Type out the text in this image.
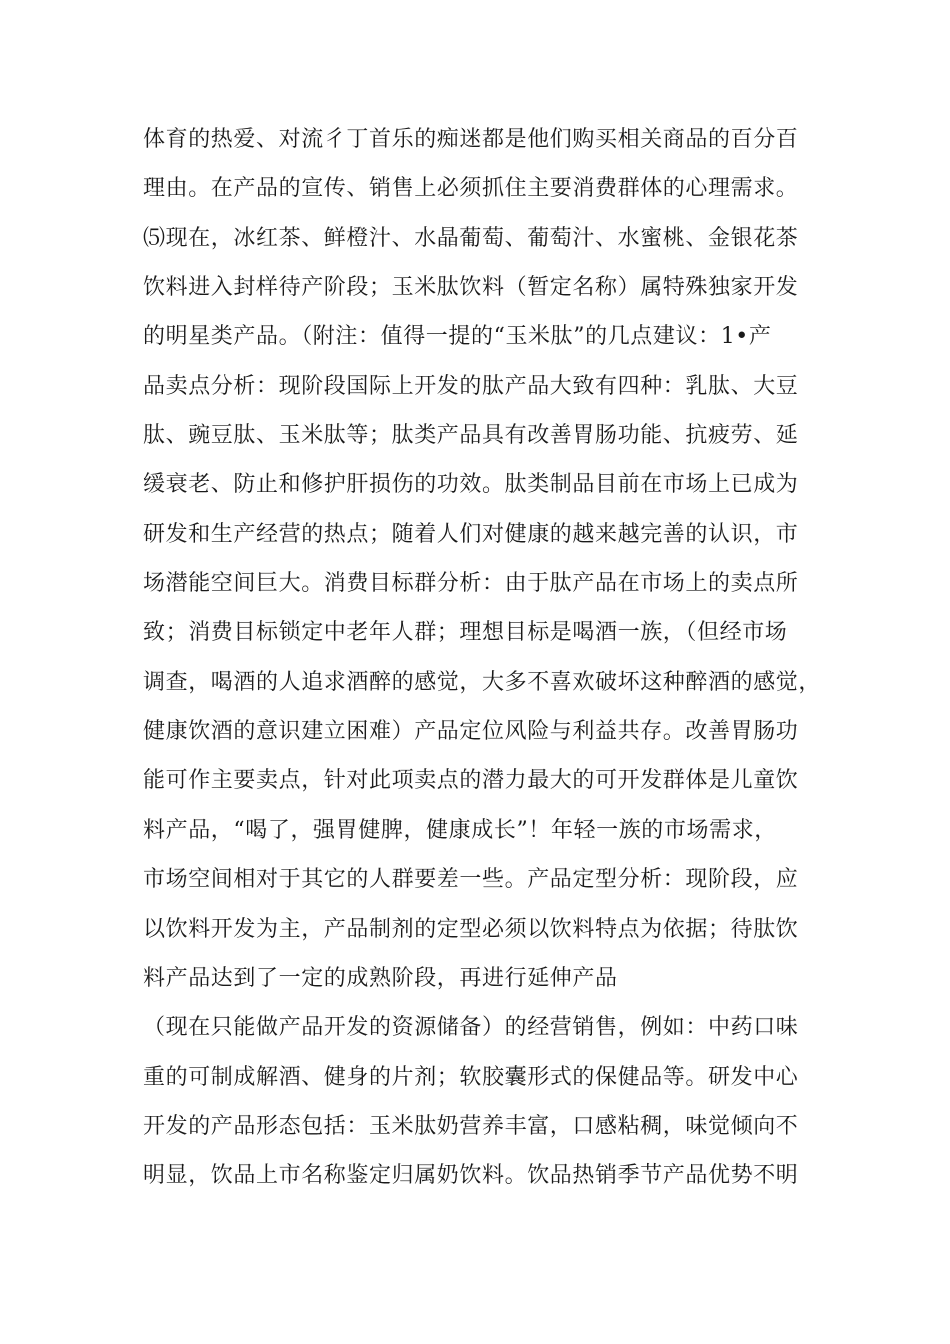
体育的热爱、对流彳丁首乐的痴迷都是他们购买相关商品的百分百
理由。在产品的宣传、销售上必须抓住主要消费群体的心理需求。
⑸现在，冰红茶、鲜橙汁、水晶葡萄、葡萄汁、水蜜桃、金银花茶
饮料进入封样待产阶段；玉米肽饮料（暂定名称）属特殊独家开发
的明星类产品。（附注：值得一提的“玉米肽”的几点建议：1•产
品卖点分析：现阶段国际上开发的肽产品大致有四种：乳肽、大豆
肽、豌豆肽、玉米肽等；肽类产品具有改善胃肠功能、抗疲劳、延
缓衰老、防止和修护肝损伤的功效。肽类制品目前在市场上已成为
研发和生产经营的热点；随着人们对健康的越来越完善的认识，市
场潜能空间巨大。消费目标群分析：由于肽产品在市场上的卖点所
致；消费目标锁定中老年人群；理想目标是喝酒一族，（但经市场
调查，喝酒的人追求酒醉的感觉，大多不喜欢破坏这种醉酒的感觉，
健康饮酒的意识建立困难）产品定位风险与利益共存。改善胃肠功
能可作主要卖点，针对此项卖点的潜力最大的可开发群体是儿童饮
料产品，“喝了，强胃健脾，健康成长”！年轻一族的市场需求，
市场空间相对于其它的人群要差一些。产品定型分析：现阶段，应
以饮料开发为主，产品制剂的定型必须以饮料特点为依据；待肽饮
料产品达到了一定的成熟阶段，再进行延伸产品
（现在只能做产品开发的资源储备）的经营销售，例如：中药口味
重的可制成解酒、健身的片剂；软胶囊形式的保健品等。研发中心
开发的产品形态包括：玉米肽奶营养丰富，口感粘稠，味觉倾向不
明显，饮品上市名称鉴定归属奶饮料。饮品热销季节产品优势不明
